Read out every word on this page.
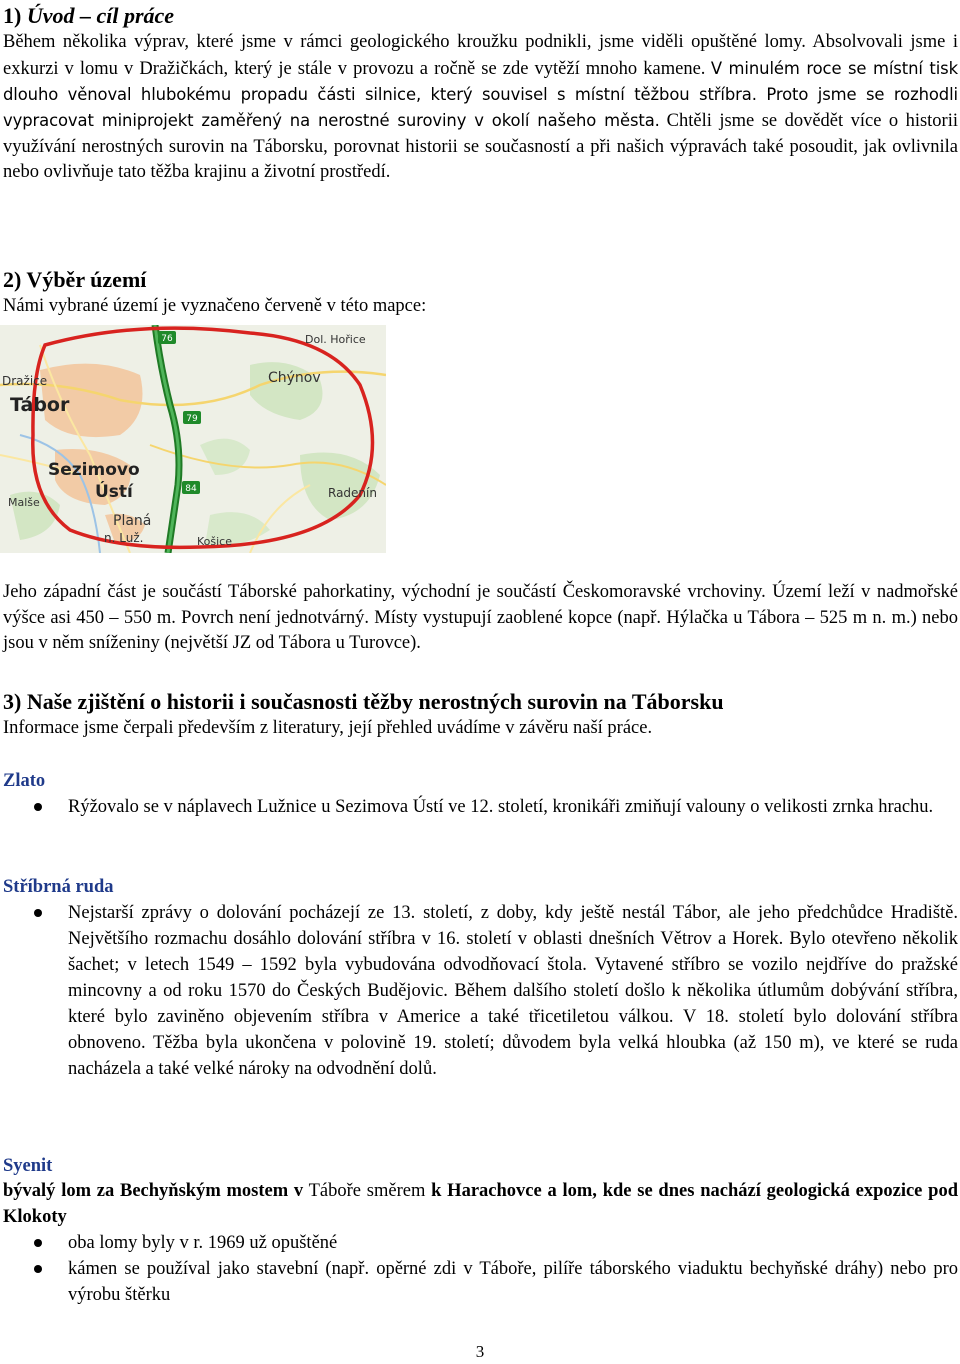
1) Úvod – cíl práce

Během několika výprav, které jsme v rámci geologického kroužku podnikli, jsme viděli opuštěné lomy. Absolvovali jsme i exkurzi v lomu v Dražičkách, který je stále v provozu a ročně se zde vytěží mnoho kamene. V minulém roce se místní tisk dlouho věnoval hlubokému propadu části silnice, který souvisel s místní těžbou stříbra. Proto jsme se rozhodli vypracovat miniprojekt zaměřený na nerostné suroviny v okolí našeho města. Chtěli jsme se dovědět více o historii využívání nerostných surovin na Táborsku, porovnat historii se současností a při našich výpravách také posoudit, jak ovlivnila nebo ovlivňuje tato těžba krajinu a životní prostředí.

2) Výběr území

Námi vybrané území je vyznačeno červeně v této mapce:

76
79
84
Dol. Hořice
Dražice	Chýnov
Tábor
Sezimovo
Ústí
Malše
Radenín
Planá
n. Luž.	Košice

Jeho západní část je součástí Táborské pahorkatiny, východní je součástí Českomoravské vrchoviny. Území leží v nadmořské výšce asi 450 – 550 m. Povrch není jednotvárný. Místy vystupují zaoblené kopce (např. Hýlačka u Tábora – 525 m n. m.) nebo jsou v něm sníženiny (největší JZ od Tábora u Turovce).

3) Naše zjištění o historii i současnosti těžby nerostných surovin na Táborsku

Informace jsme čerpali především z literatury, její přehled uvádíme v závěru naší práce.

Zlato
Rýžovalo se v náplavech Lužnice u Sezimova Ústí ve 12. století, kronikáři zmiňují valouny o velikosti zrnka hrachu.
Stříbrná ruda
Nejstarší zprávy o dolování pocházejí ze 13. století, z doby, kdy ještě nestál Tábor, ale jeho předchůdce Hradiště. Největšího rozmachu dosáhlo dolování stříbra v 16. století v oblasti dnešních Větrov a Horek. Bylo otevřeno několik šachet; v letech 1549 – 1592 byla vybudována odvodňovací štola. Vytavené stříbro se vozilo nejdříve do pražské mincovny a od roku 1570 do Českých Budějovic. Během dalšího století došlo k několika útlumům dobývání stříbra, které bylo zaviněno objevením stříbra v Americe a také třicetiletou válkou. V 18. století bylo dolování stříbra obnoveno. Těžba byla ukončena v polovině 19. století; důvodem byla velká hloubka (až 150 m), ve které se ruda nacházela a také velké nároky na odvodnění dolů.
Syenit

bývalý lom za Bechyňským mostem v Táboře směrem k Harachovce a lom, kde se dnes nachází geologická expozice pod Klokoty

oba lomy byly v r. 1969 už opuštěné
kámen se používal jako stavební (např. opěrné zdi v Táboře, pilíře táborského viaduktu bechyňské dráhy) nebo pro výrobu štěrku
3
